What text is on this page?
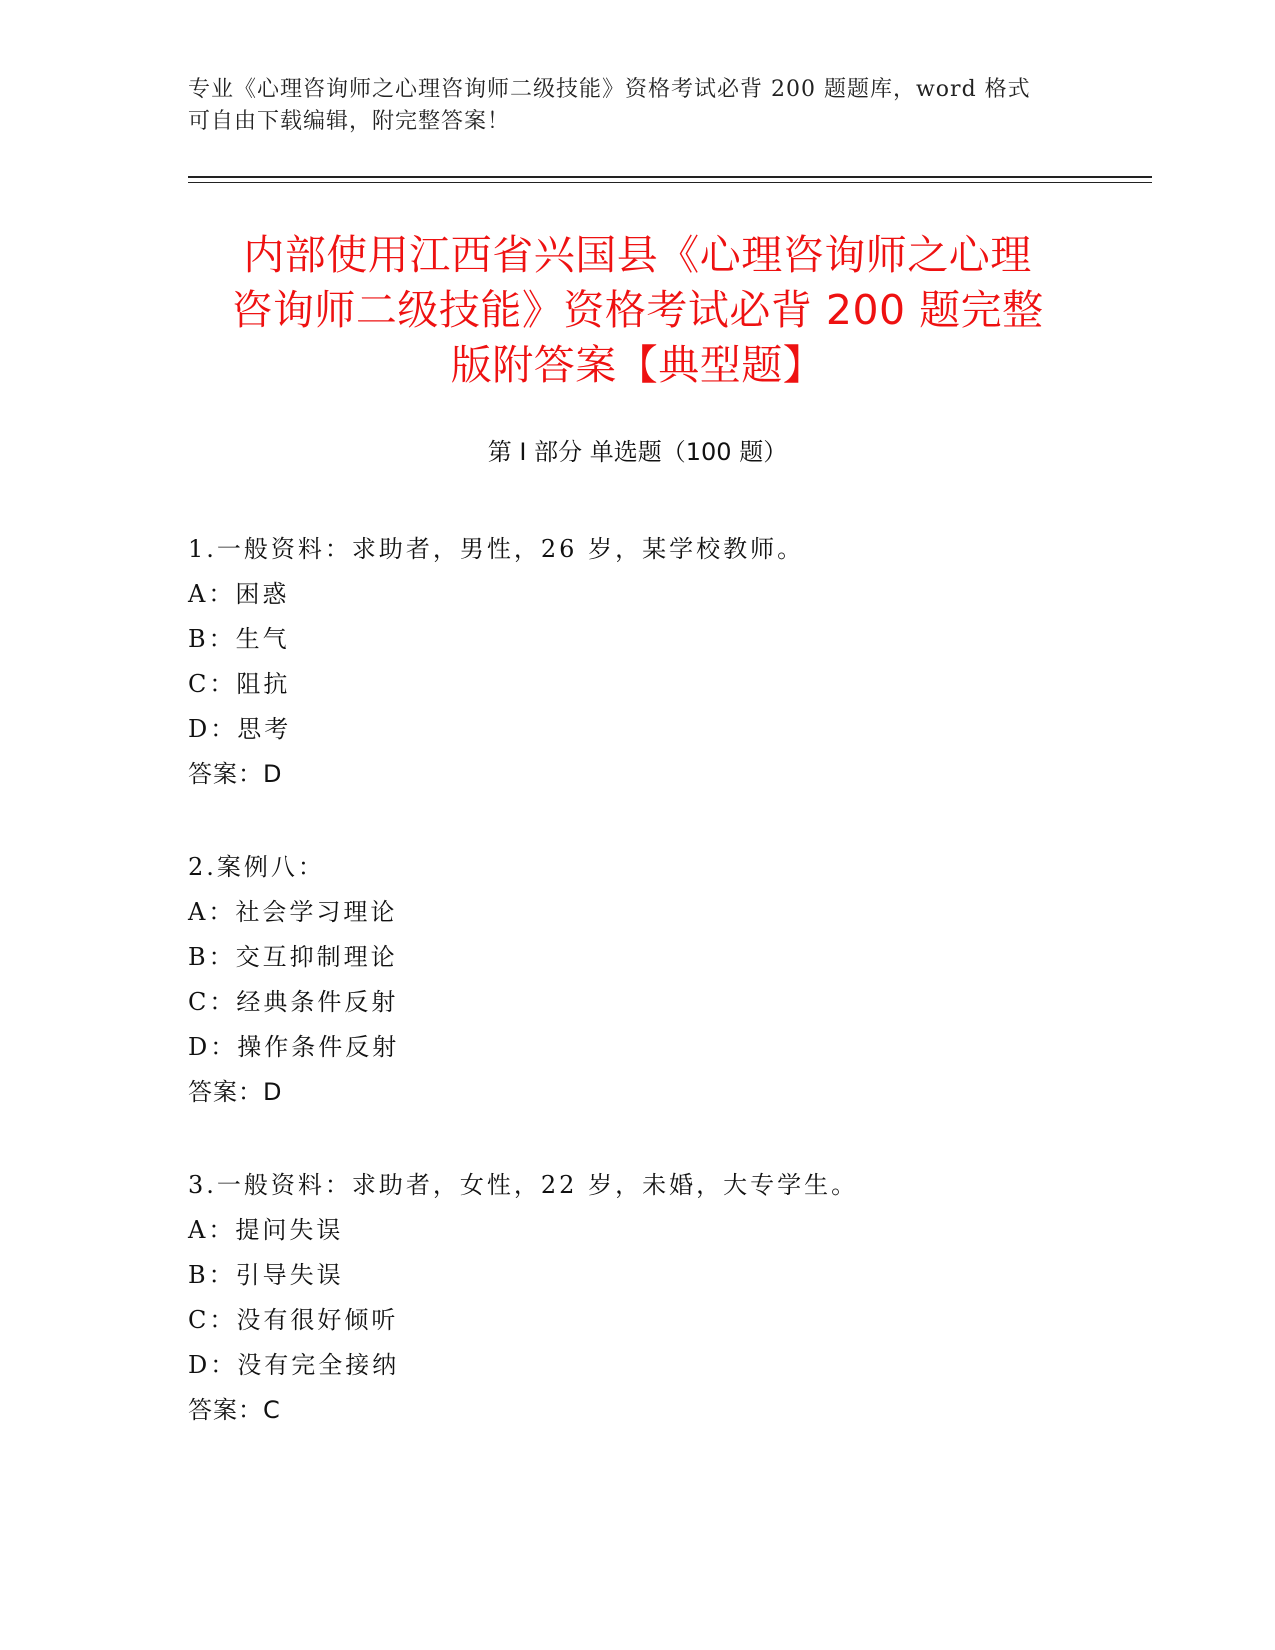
专业《心理咨询师之心理咨询师二级技能》资格考试必背 200 题题库，word 格式
可自由下载编辑，附完整答案！
内部使用江西省兴国县《心理咨询师之心理
咨询师二级技能》资格考试必背 200 题完整
版附答案【典型题】
第 I 部分 单选题（100 题）
1.一般资料：求助者，男性，26 岁，某学校教师。
A：困惑
B：生气
C：阻抗
D：思考
答案：D
2.案例八：
A：社会学习理论
B：交互抑制理论
C：经典条件反射
D：操作条件反射
答案：D
3.一般资料：求助者，女性，22 岁，未婚，大专学生。
A：提问失误
B：引导失误
C：没有很好倾听
D：没有完全接纳
答案：C
